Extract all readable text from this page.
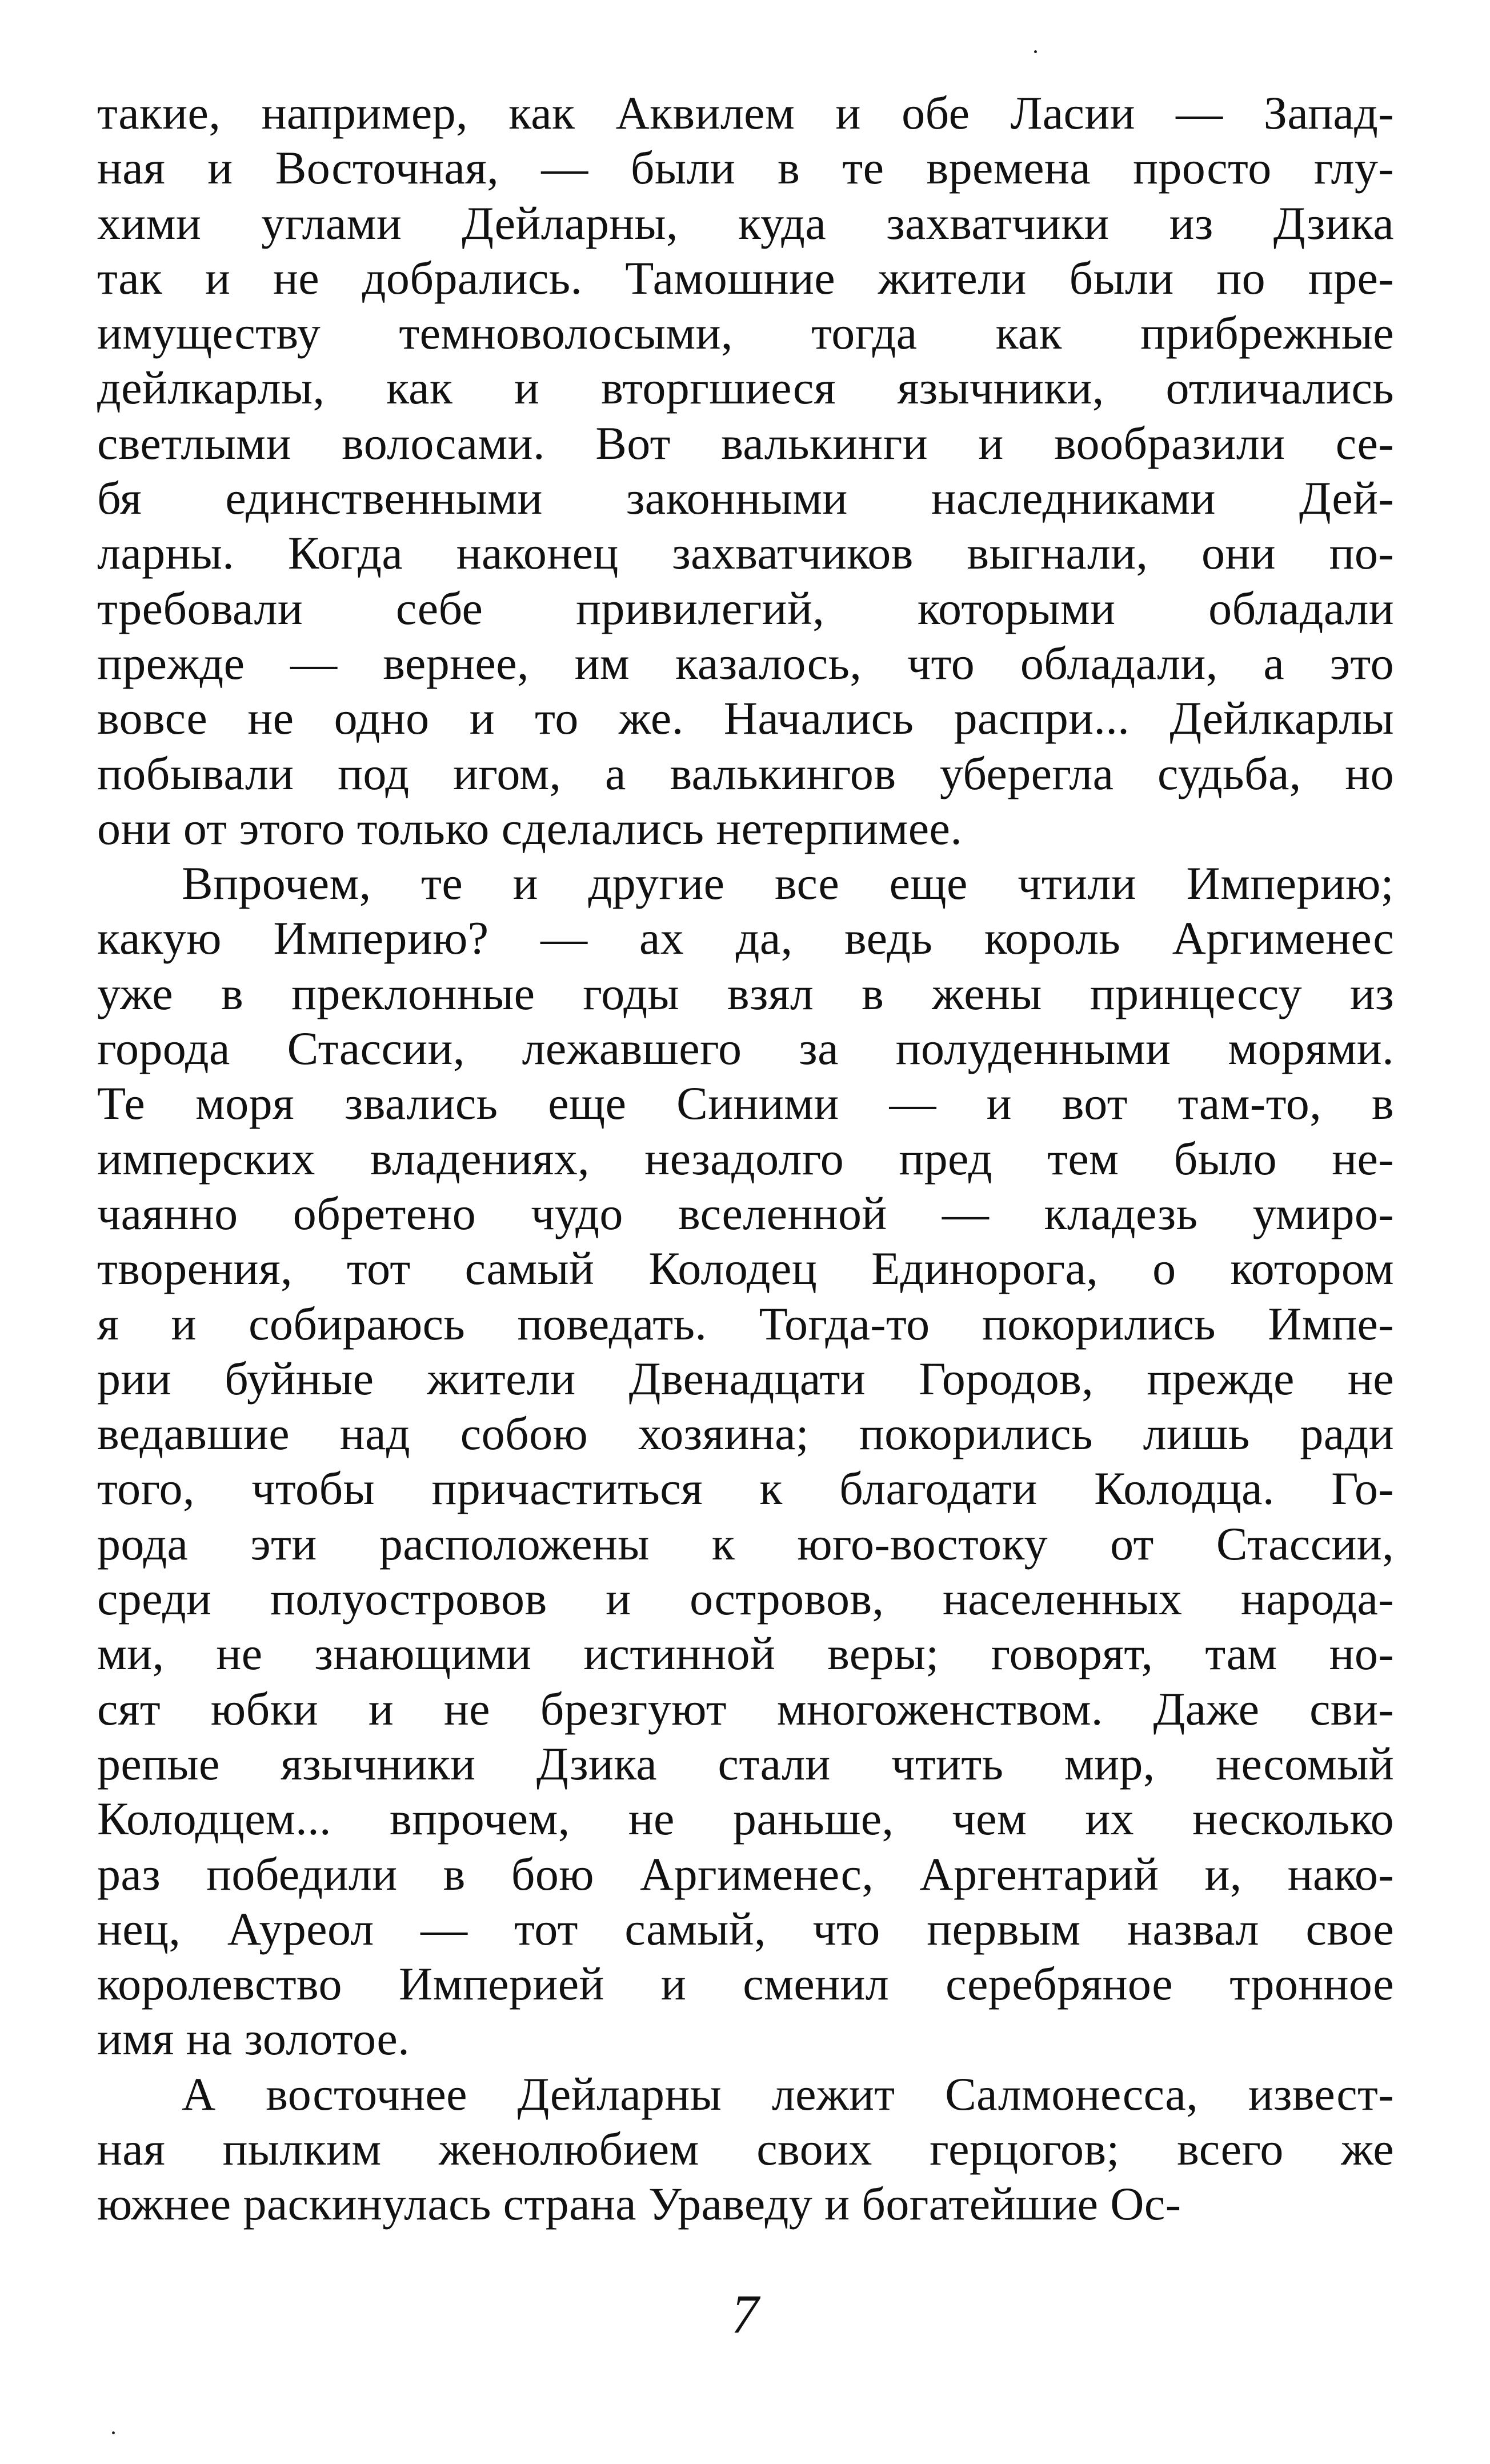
такие, например, как Аквилем и обе Ласии — Запад-
ная и Восточная, — были в те времена просто глу-
хими углами Дейларны, куда захватчики из Дзика
так и не добрались. Тамошние жители были по пре-
имуществу темноволосыми, тогда как прибрежные
дейлкарлы, как и вторгшиеся язычники, отличались
светлыми волосами. Вот валькинги и вообразили се-
бя единственными законными наследниками Дей-
ларны. Когда наконец захватчиков выгнали, они по-
требовали себе привилегий, которыми обладали
прежде — вернее, им казалось, что обладали, а это
вовсе не одно и то же. Начались распри... Дейлкарлы
побывали под игом, а валькингов уберегла судьба, но
они от этого только сделались нетерпимее.
Впрочем, те и другие все еще чтили Империю;
какую Империю? — ах да, ведь король Аргименес
уже в преклонные годы взял в жены принцессу из
города Стассии, лежавшего за полуденными морями.
Те моря звались еще Синими — и вот там-то, в
имперских владениях, незадолго пред тем было не-
чаянно обретено чудо вселенной — кладезь умиро-
творения, тот самый Колодец Единорога, о котором
я и собираюсь поведать. Тогда-то покорились Импе-
рии буйные жители Двенадцати Городов, прежде не
ведавшие над собою хозяина; покорились лишь ради
того, чтобы причаститься к благодати Колодца. Го-
рода эти расположены к юго-востоку от Стассии,
среди полуостровов и островов, населенных народа-
ми, не знающими истинной веры; говорят, там но-
сят юбки и не брезгуют многоженством. Даже сви-
репые язычники Дзика стали чтить мир, несомый
Колодцем... впрочем, не раньше, чем их несколько
раз победили в бою Аргименес, Аргентарий и, нако-
нец, Ауреол — тот самый, что первым назвал свое
королевство Империей и сменил серебряное тронное
имя на золотое.
А восточнее Дейларны лежит Салмонесса, извест-
ная пылким женолюбием своих герцогов; всего же
южнее раскинулась страна Ураведу и богатейшие Ос-
7
